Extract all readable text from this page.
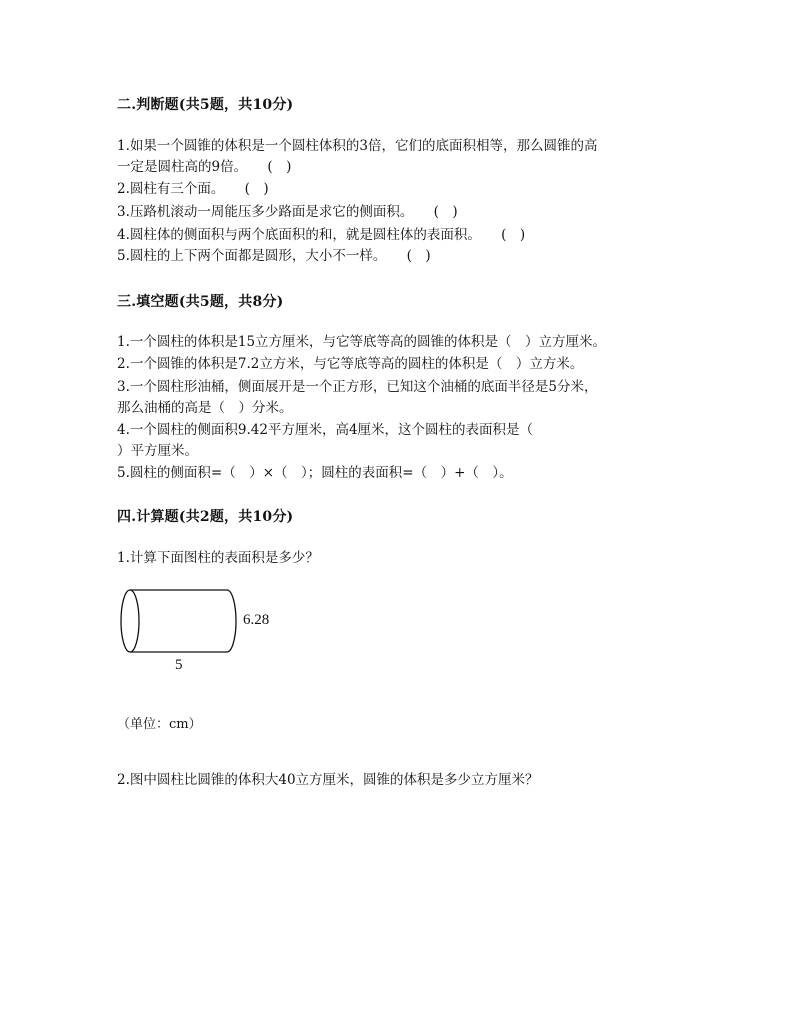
二.判断题(共5题，共10分)
1.如果一个圆锥的体积是一个圆柱体积的3倍，它们的底面积相等，那么圆锥的高
一定是圆柱高的9倍。　　(　)
2.圆柱有三个面。　　(　)
3.压路机滚动一周能压多少路面是求它的侧面积。　　(　)
4.圆柱体的侧面积与两个底面积的和，就是圆柱体的表面积。　　(　)
5.圆柱的上下两个面都是圆形，大小不一样。　　(　)
三.填空题(共5题，共8分)
1.一个圆柱的体积是15立方厘米，与它等底等高的圆锥的体积是（　）立方厘米。
2.一个圆锥的体积是7.2立方米，与它等底等高的圆柱的体积是（　）立方米。
3.一个圆柱形油桶，侧面展开是一个正方形，已知这个油桶的底面半径是5分米，
那么油桶的高是（　）分米。
4.一个圆柱的侧面积9.42平方厘米，高4厘米，这个圆柱的表面积是（
）平方厘米。
5.圆柱的侧面积=（　）×（　）；圆柱的表面积=（　）+（　）。
四.计算题(共2题，共10分)
1.计算下面图柱的表面积是多少？
6.28
5
（单位：cm）
2.图中圆柱比圆锥的体积大40立方厘米，圆锥的体积是多少立方厘米？
